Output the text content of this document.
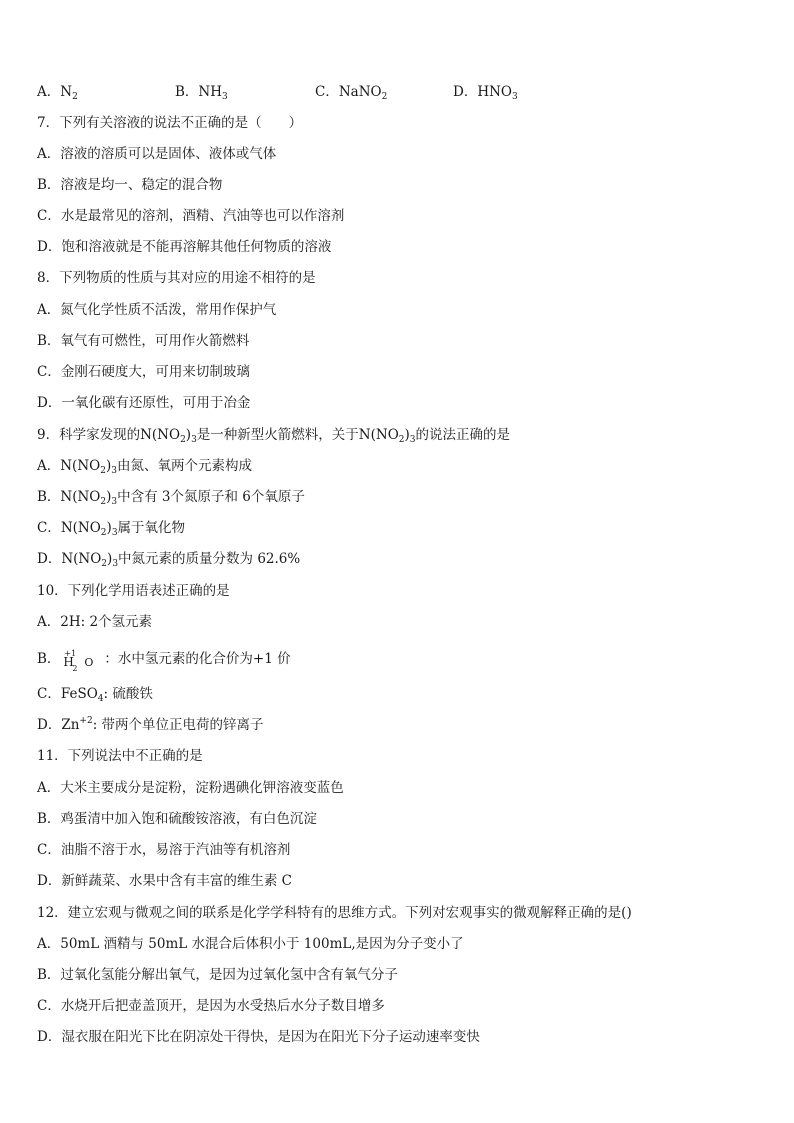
A．$N_2$	B．$NH_3$	C．NaNO$_2$	D．$HNO_3$
7．下列有关溶液的说法不正确的是（　　）
A．溶液的溶质可以是固体、液体或气体
B．溶液是均一、稳定的混合物
C．水是最常见的溶剂，酒精、汽油等也可以作溶剂
D．饱和溶液就是不能再溶解其他任何物质的溶液
8．下列物质的性质与其对应的用途不相符的是
A．氮气化学性质不活泼，常用作保护气
B．氧气有可燃性，可用作火箭燃料
C．金刚石硬度大，可用来切制玻璃
D．一氧化碳有还原性，可用于冶金
9．科学家发现的$N(NO_2)_3$是一种新型火箭燃料，关于$N(NO_2)_3$的说法正确的是
A．$N(NO_2)_3$由氮、氧两个元素构成
B．$N(NO_2)_3$中含有 3个氮原子和 6个氧原子
C．$N(NO_2)_3$属于氧化物
D．$N(NO_2)_3$中氮元素的质量分数为 62.6%
10．下列化学用语表述正确的是
A．2H: 2个氢元素
B． +1
H
2 O ：水中氢元素的化合价为+1 价
C．FeSO$_4$: 硫酸铁
D．$Zn^{+2}$: 带两个单位正电荷的锌离子
11．下列说法中不正确的是
A．大米主要成分是淀粉，淀粉遇碘化钾溶液变蓝色
B．鸡蛋清中加入饱和硫酸铵溶液，有白色沉淀
C．油脂不溶于水，易溶于汽油等有机溶剂
D．新鲜蔬菜、水果中含有丰富的维生素 C
12．建立宏观与微观之间的联系是化学学科特有的思维方式。下列对宏观事实的微观解释正确的是()
A．50mL 酒精与 50mL 水混合后体积小于 100mL,是因为分子变小了
B．过氧化氢能分解出氧气，是因为过氧化氢中含有氧气分子
C．水烧开后把壶盖顶开，是因为水受热后水分子数目增多
D．湿衣服在阳光下比在阴凉处干得快，是因为在阳光下分子运动速率变快
